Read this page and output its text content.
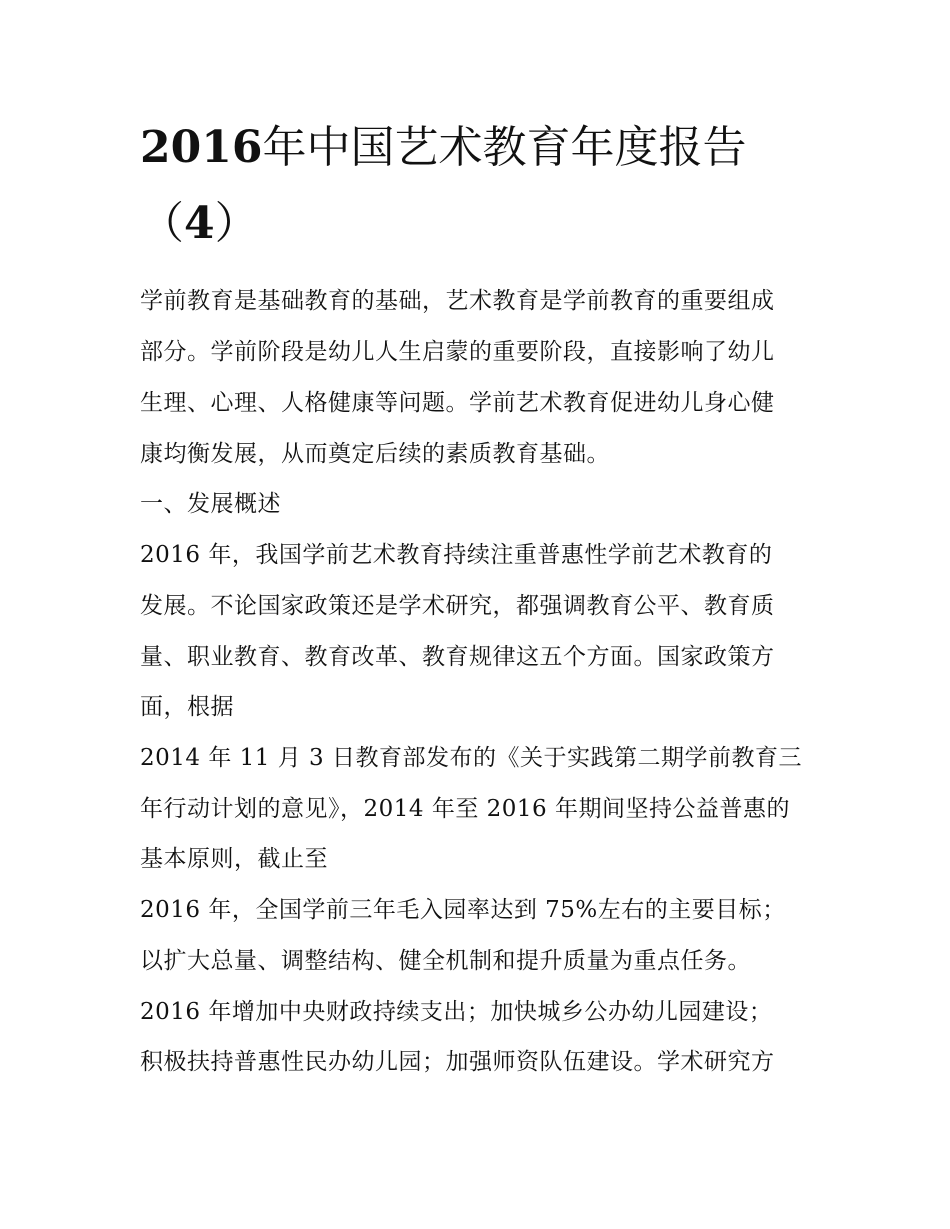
2016年中国艺术教育年度报告
（4）

学前教育是基础教育的基础，艺术教育是学前教育的重要组成

部分。学前阶段是幼儿人生启蒙的重要阶段，直接影响了幼儿

生理、心理、人格健康等问题。学前艺术教育促进幼儿身心健

康均衡发展，从而奠定后续的素质教育基础。

一、发展概述

2016 年，我国学前艺术教育持续注重普惠性学前艺术教育的

发展。不论国家政策还是学术研究，都强调教育公平、教育质

量、职业教育、教育改革、教育规律这五个方面。国家政策方

面，根据

2014 年 11 月 3 日教育部发布的《关于实践第二期学前教育三

年行动计划的意见》，2014 年至 2016 年期间坚持公益普惠的

基本原则，截止至

2016 年，全国学前三年毛入园率达到 75%左右的主要目标；

以扩大总量、调整结构、健全机制和提升质量为重点任务。

2016 年增加中央财政持续支出；加快城乡公办幼儿园建设；

积极扶持普惠性民办幼儿园；加强师资队伍建设。学术研究方
